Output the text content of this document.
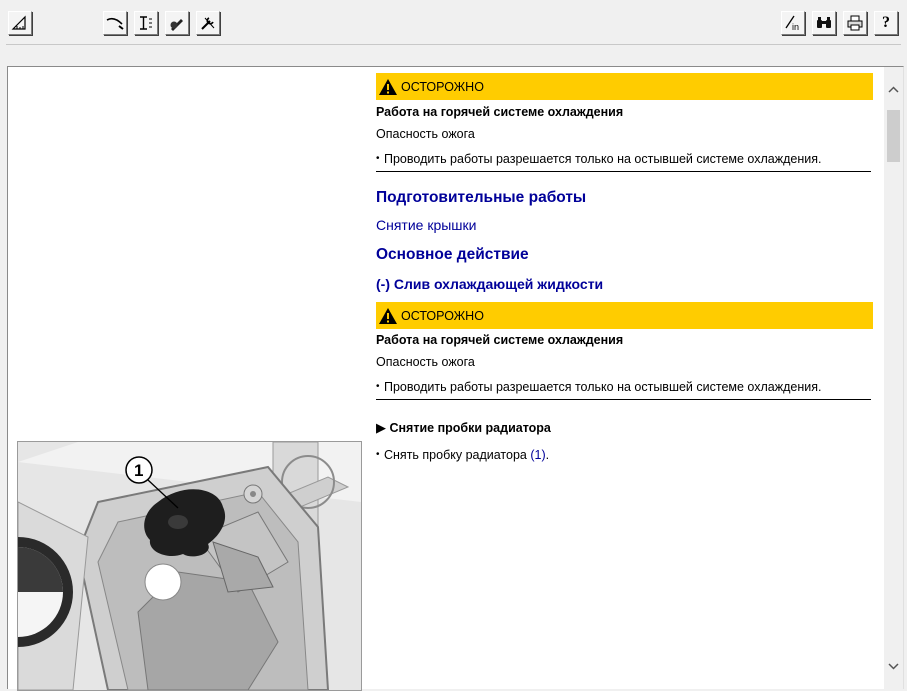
in	?
1
ОСТОРОЖНО
Работа на горячей системе охлаждения
Опасность ожога
• Проводить работы разрешается только на остывшей системе охлаждения.
Подготовительные работы
Снятие крышки
Основное действие
(-) Слив охлаждающей жидкости
ОСТОРОЖНО
Работа на горячей системе охлаждения
Опасность ожога
• Проводить работы разрешается только на остывшей системе охлаждения.
▶ Снятие пробки радиатора
• Снять пробку радиатора (1).
